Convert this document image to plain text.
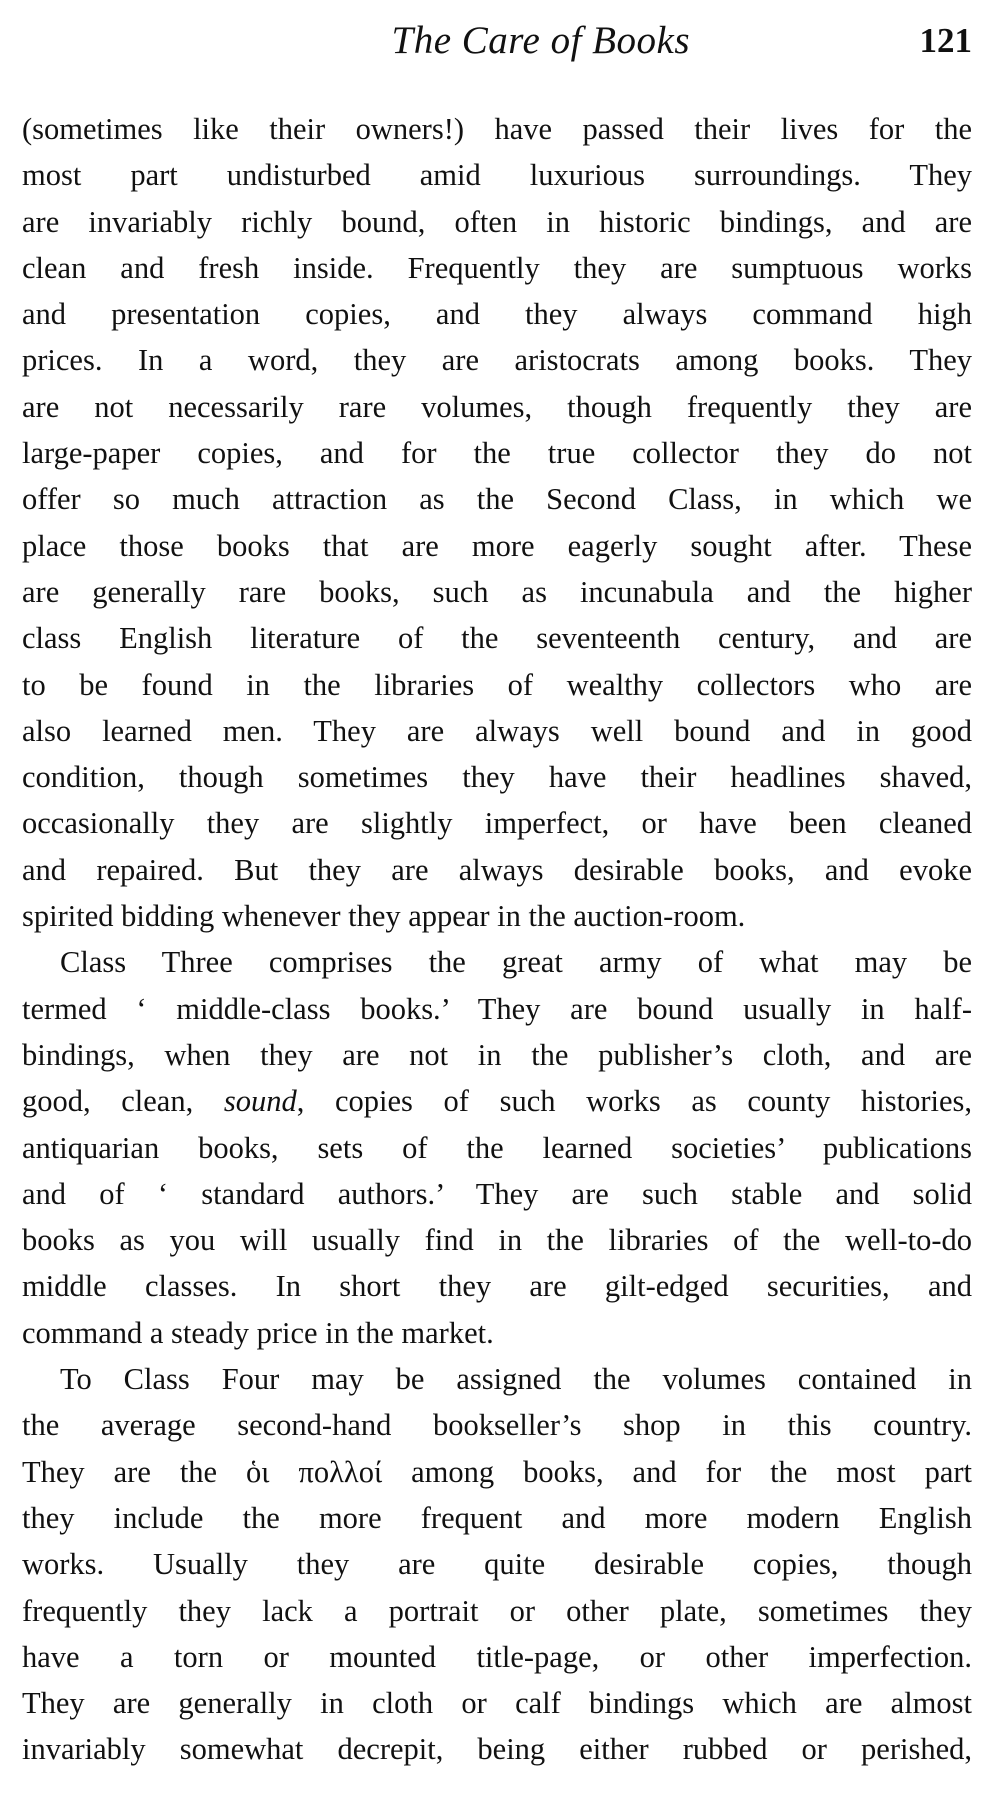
The Care of Books	121
(sometimes like their owners!) have passed their lives for the
most part undisturbed amid luxurious surroundings. They
are invariably richly bound, often in historic bindings, and are
clean and fresh inside. Frequently they are sumptuous works
and presentation copies, and they always command high
prices. In a word, they are aristocrats among books. They
are not necessarily rare volumes, though frequently they are
large-paper copies, and for the true collector they do not
offer so much attraction as the Second Class, in which we
place those books that are more eagerly sought after. These
are generally rare books, such as incunabula and the higher
class English literature of the seventeenth century, and are
to be found in the libraries of wealthy collectors who are
also learned men. They are always well bound and in good
condition, though sometimes they have their headlines shaved,
occasionally they are slightly imperfect, or have been cleaned
and repaired. But they are always desirable books, and evoke
spirited bidding whenever they appear in the auction-room.
Class Three comprises the great army of what may be
termed ‘ middle-class books.’ They are bound usually in half-
bindings, when they are not in the publisher’s cloth, and are
good, clean, sound, copies of such works as county histories,
antiquarian books, sets of the learned societies’ publications
and of ‘ standard authors.’ They are such stable and solid
books as you will usually find in the libraries of the well-to-do
middle classes. In short they are gilt-edged securities, and
command a steady price in the market.
To Class Four may be assigned the volumes contained in
the average second-hand bookseller’s shop in this country.
They are the ὁι πολλοί among books, and for the most part
they include the more frequent and more modern English
works. Usually they are quite desirable copies, though
frequently they lack a portrait or other plate, sometimes they
have a torn or mounted title-page, or other imperfection.
They are generally in cloth or calf bindings which are almost
invariably somewhat decrepit, being either rubbed or perished,
